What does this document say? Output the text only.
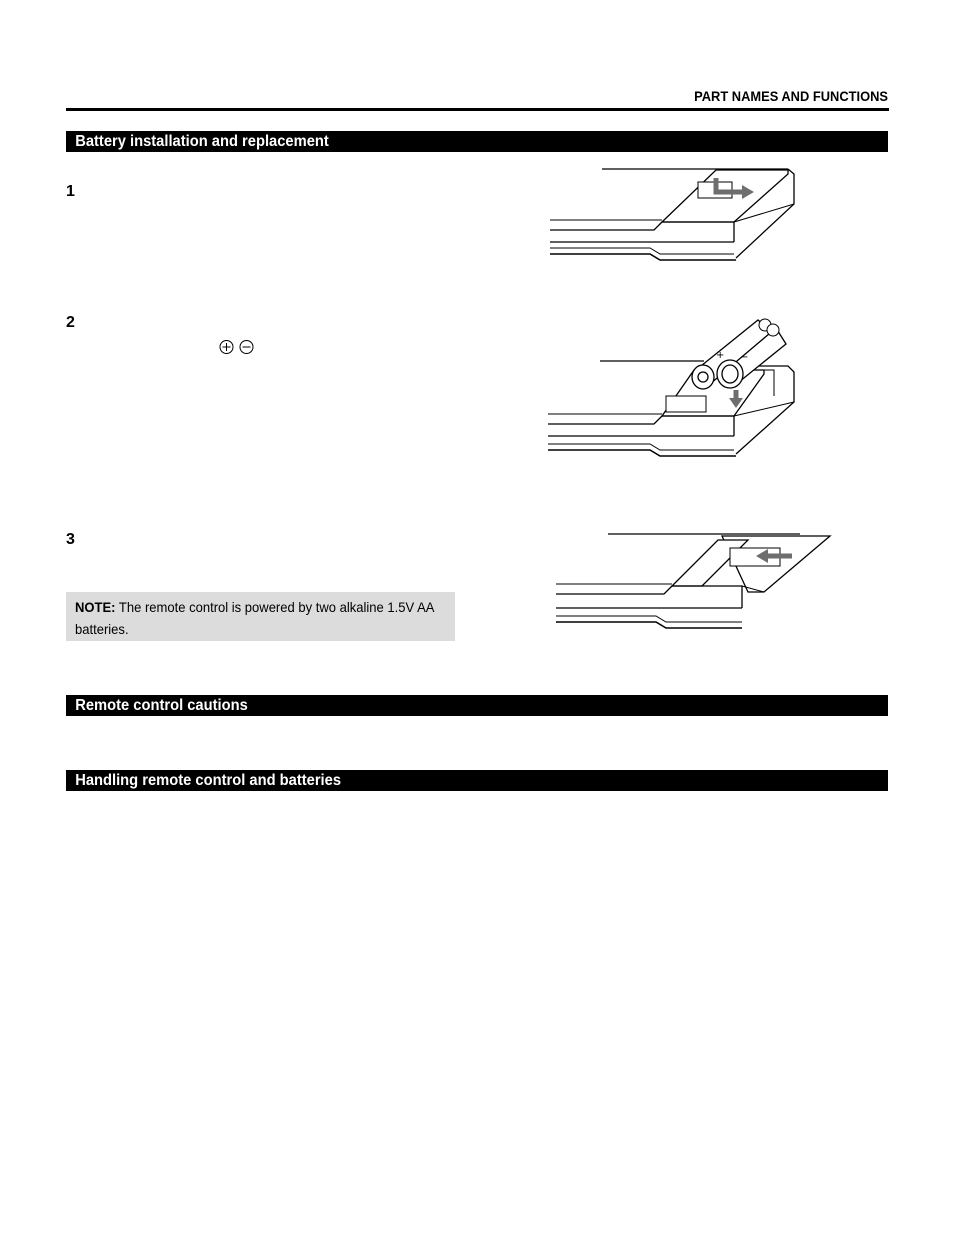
PART NAMES AND FUNCTIONS
Battery installation and replacement
1
2
3
NOTE: The remote control is powered by two alkaline 1.5V AA batteries.
+ −
Remote control cautions
Handling remote control and batteries
